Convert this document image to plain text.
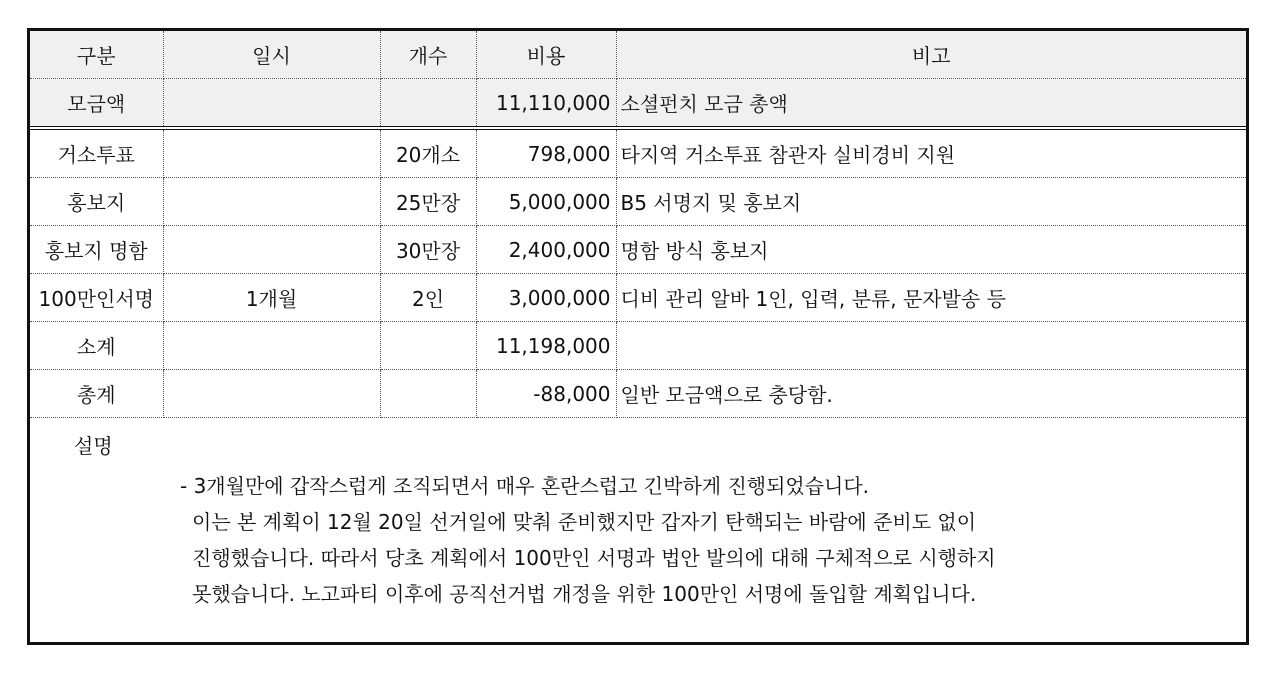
구분	일시	개수	비용	비고
모금액			11,110,000	소셜펀치 모금 총액
거소투표		20개소	798,000	타지역 거소투표 참관자 실비경비 지원
홍보지		25만장	5,000,000	B5 서명지 및 홍보지
홍보지 명함		30만장	2,400,000	명함 방식 홍보지
100만인서명	1개월	2인	3,000,000	디비 관리 알바 1인, 입력, 분류, 문자발송 등
소계			11,198,000	
총계			-88,000	일반 모금액으로 충당함.
설명
- 3개월만에 갑작스럽게 조직되면서 매우 혼란스럽고 긴박하게 진행되었습니다.
이는 본 계획이 12월 20일 선거일에 맞춰 준비했지만 갑자기 탄핵되는 바람에 준비도 없이
진행했습니다. 따라서 당초 계획에서 100만인 서명과 법안 발의에 대해 구체적으로 시행하지
못했습니다. 노고파티 이후에 공직선거법 개정을 위한 100만인 서명에 돌입할 계획입니다.
